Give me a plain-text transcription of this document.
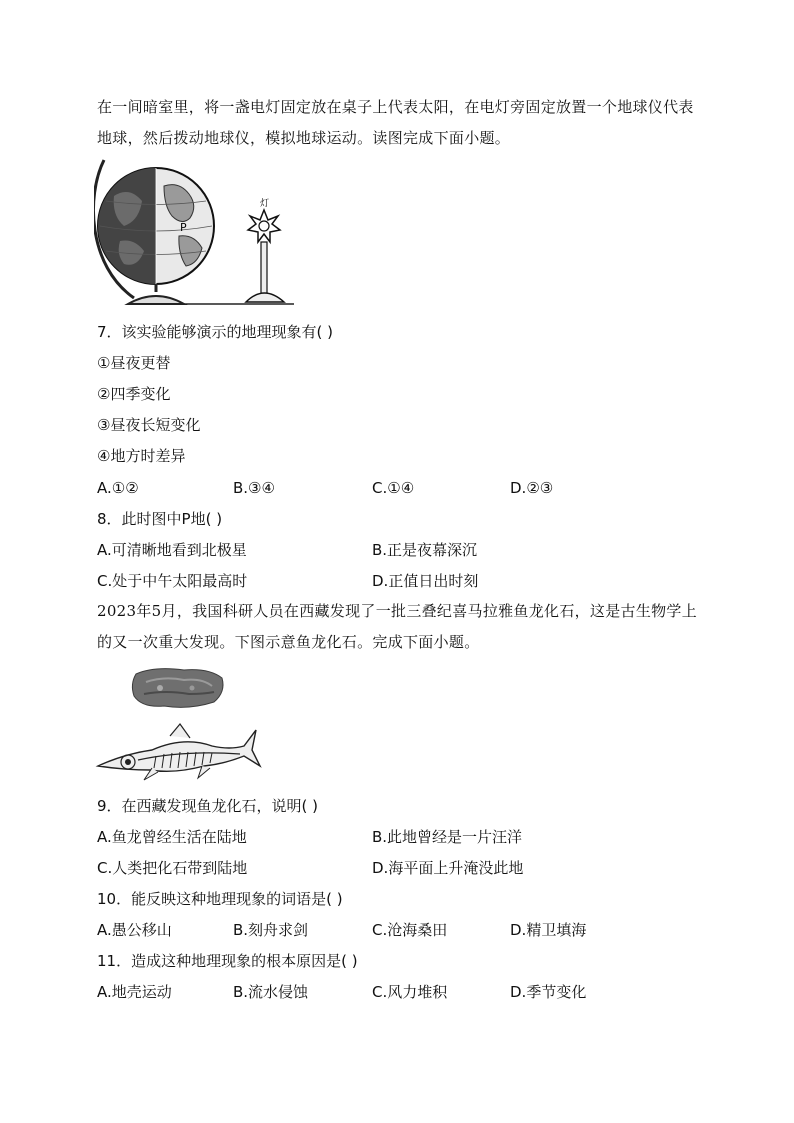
在一间暗室里，将一盏电灯固定放在桌子上代表太阳，在电灯旁固定放置一个地球仪代表地球，然后拨动地球仪，模拟地球运动。读图完成下面小题。
P
灯
7．该实验能够演示的地理现象有( )
①昼夜更替
②四季变化
③昼夜长短变化
④地方时差异
A.①②	B.③④	C.①④	D.②③
8．此时图中P地( )
A.可清晰地看到北极星	B.正是夜幕深沉
C.处于中午太阳最高时	D.正值日出时刻
2023年5月，我国科研人员在西藏发现了一批三叠纪喜马拉雅鱼龙化石，这是古生物学上的又一次重大发现。下图示意鱼龙化石。完成下面小题。
9．在西藏发现鱼龙化石，说明( )
A.鱼龙曾经生活在陆地	B.此地曾经是一片汪洋
C.人类把化石带到陆地	D.海平面上升淹没此地
10．能反映这种地理现象的词语是( )
A.愚公移山	B.刻舟求剑	C.沧海桑田	D.精卫填海
11．造成这种地理现象的根本原因是( )
A.地壳运动	B.流水侵蚀	C.风力堆积	D.季节变化
